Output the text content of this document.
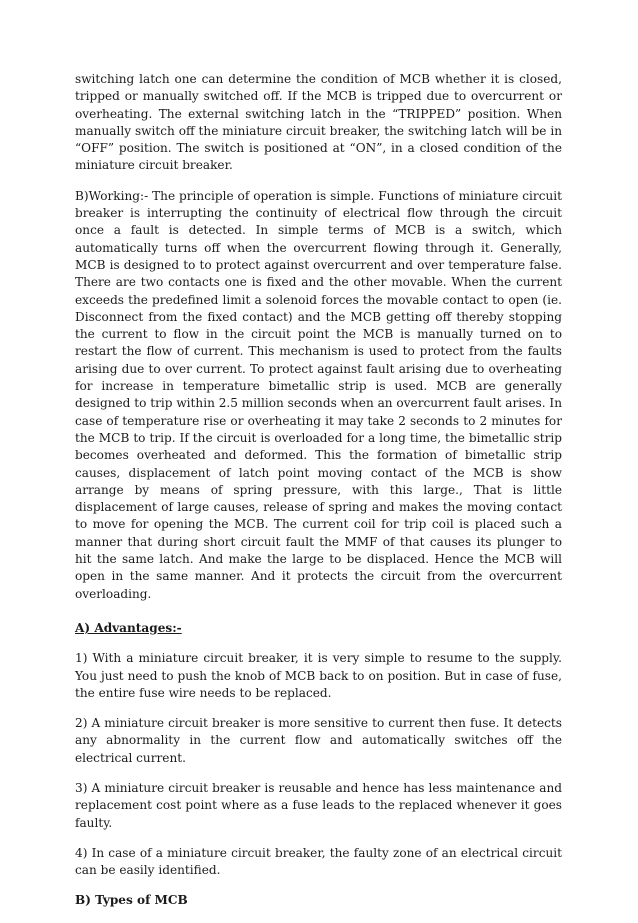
switching latch one can determine the condition of MCB whether it is closed, tripped or manually switched off. If the MCB is tripped due to overcurrent or overheating. The external switching latch in the “TRIPPED” position. When manually switch off the miniature circuit breaker, the switching latch will be in “OFF” position. The switch is positioned at “ON”, in a closed condition of the miniature circuit breaker.

B)Working:- The principle of operation is simple. Functions of miniature circuit breaker is interrupting the continuity of electrical flow through the circuit once a fault is detected. In simple terms of MCB is a switch, which automatically turns off when the overcurrent flowing through it. Generally, MCB is designed to to protect against overcurrent and over temperature false. There are two contacts one is fixed and the other movable. When the current exceeds the predefined limit a solenoid forces the movable contact to open (ie. Disconnect from the fixed contact) and the MCB getting off thereby stopping the current to flow in the circuit point the MCB is manually turned on to restart the flow of current. This mechanism is used to protect from the faults arising due to over current. To protect against fault arising due to overheating for increase in temperature bimetallic strip is used. MCB are generally designed to trip within 2.5 million seconds when an overcurrent fault arises. In case of temperature rise or overheating it may take 2 seconds to 2 minutes for the MCB to trip. If the circuit is overloaded for a long time, the bimetallic strip becomes overheated and deformed. This the formation of bimetallic strip causes, displacement of latch point moving contact of the MCB is show arrange by means of spring pressure, with this large., That is little displacement of large causes, release of spring and makes the moving contact to move for opening the MCB. The current coil for trip coil is placed such a manner that during short circuit fault the MMF of that causes its plunger to hit the same latch. And make the large to be displaced. Hence the MCB will open in the same manner. And it protects the circuit from the overcurrent overloading.

A) Advantages:-

1) With a miniature circuit breaker, it is very simple to resume to the supply. You just need to push the knob of MCB back to on position. But in case of fuse, the entire fuse wire needs to be replaced.

2) A miniature circuit breaker is more sensitive to current then fuse. It detects any abnormality in the current flow and automatically switches off the electrical current.

3) A miniature circuit breaker is reusable and hence has less maintenance and replacement cost point where as a fuse leads to the replaced whenever it goes faulty.

4) In case of a miniature circuit breaker, the faulty zone of an electrical circuit can be easily identified.

B) Types of MCB
